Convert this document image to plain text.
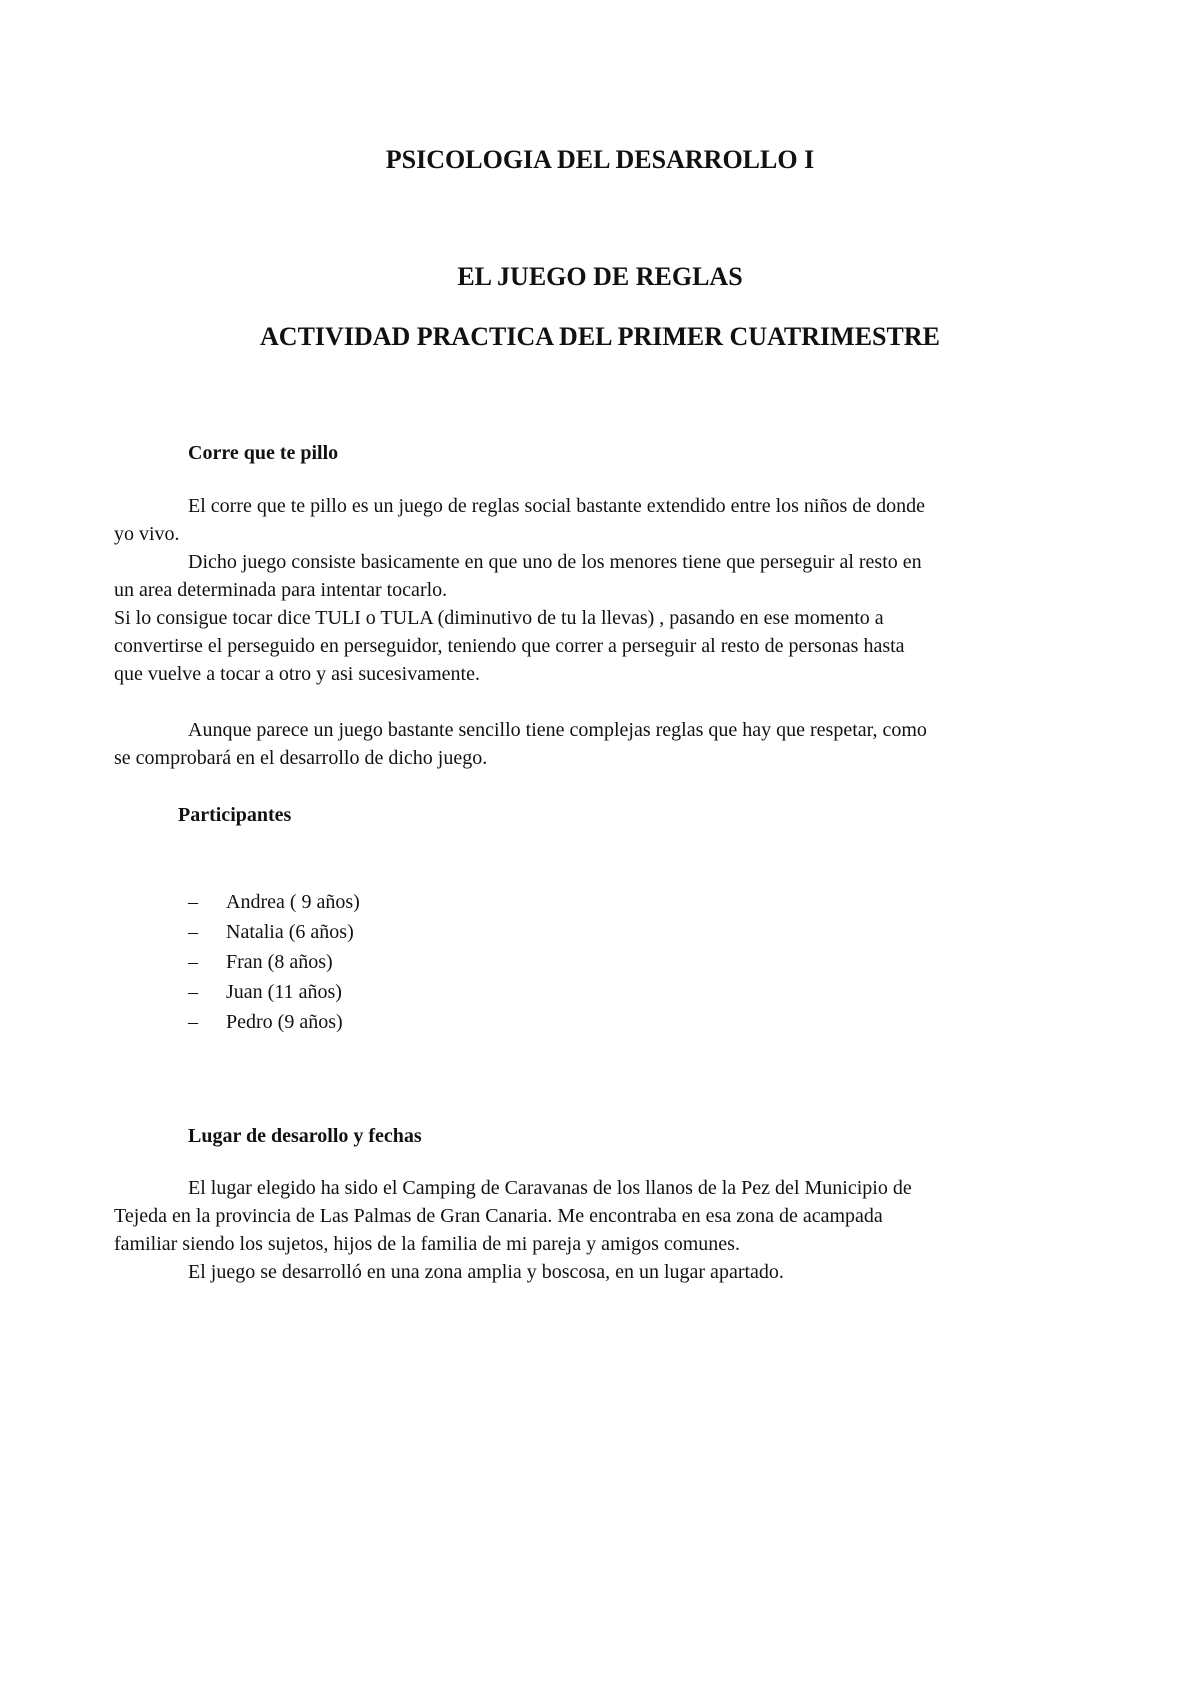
PSICOLOGIA DEL DESARROLLO I
EL JUEGO DE REGLAS
ACTIVIDAD PRACTICA DEL PRIMER CUATRIMESTRE
Corre que te pillo

El corre que te pillo es un juego de reglas social bastante extendido entre los niños de donde
yo vivo.
Dicho juego consiste basicamente en que uno de los menores tiene que perseguir al resto en
un area determinada para intentar tocarlo.
Si lo consigue tocar dice TULI o TULA (diminutivo de tu la llevas) , pasando en ese momento a
convertirse el perseguido en perseguidor, teniendo que correr a perseguir al resto de personas hasta
que vuelve a tocar a otro y asi sucesivamente.

Aunque parece un juego bastante sencillo tiene complejas reglas que hay que respetar, como
se comprobará en el desarrollo de dicho juego.

Participantes
– Andrea ( 9 años)
– Natalia (6 años)
– Fran (8 años)
– Juan (11 años)
– Pedro (9 años)
Lugar de desarollo y fechas

El lugar elegido ha sido el Camping de Caravanas de los llanos de la Pez del Municipio de
Tejeda en la provincia de Las Palmas de Gran Canaria. Me encontraba en esa zona de acampada
familiar siendo los sujetos, hijos de la familia de mi pareja y amigos comunes.
El juego se desarrolló en una zona amplia y boscosa, en un lugar apartado.
